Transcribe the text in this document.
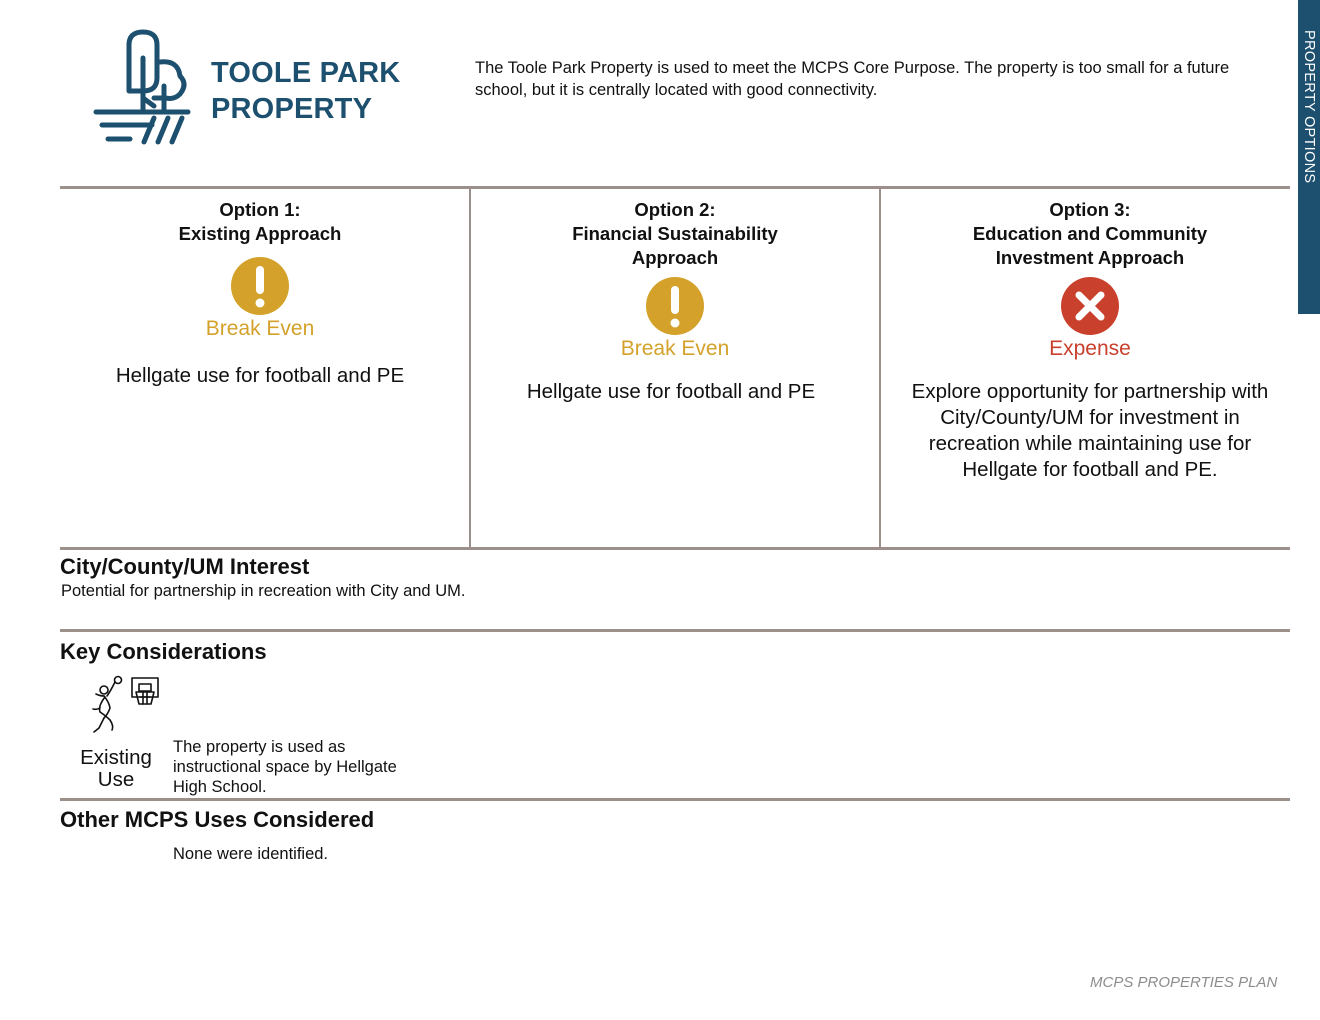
TOOLE PARK
PROPERTY
The Toole Park Property is used to meet the MCPS Core Purpose. The property is too small for a future school, but it is centrally located with good connectivity.	PROPERTY OPTIONS
Option 1:
Existing Approach
Break Even
Hellgate use for football and PE
Option 2:
Financial Sustainability
Approach
Break Even
Hellgate use for football and PE
Option 3:
Education and Community
Investment Approach
Expense
Explore opportunity for partnership with City/County/UM for investment in recreation while maintaining use for Hellgate for football and PE.
City/County/UM Interest
Potential for partnership in recreation with City and UM.
Key Considerations
Existing
Use
The property is used as
instructional space by Hellgate
High School.
Other MCPS Uses Considered
None were identified.
MCPS PROPERTIES PLAN
